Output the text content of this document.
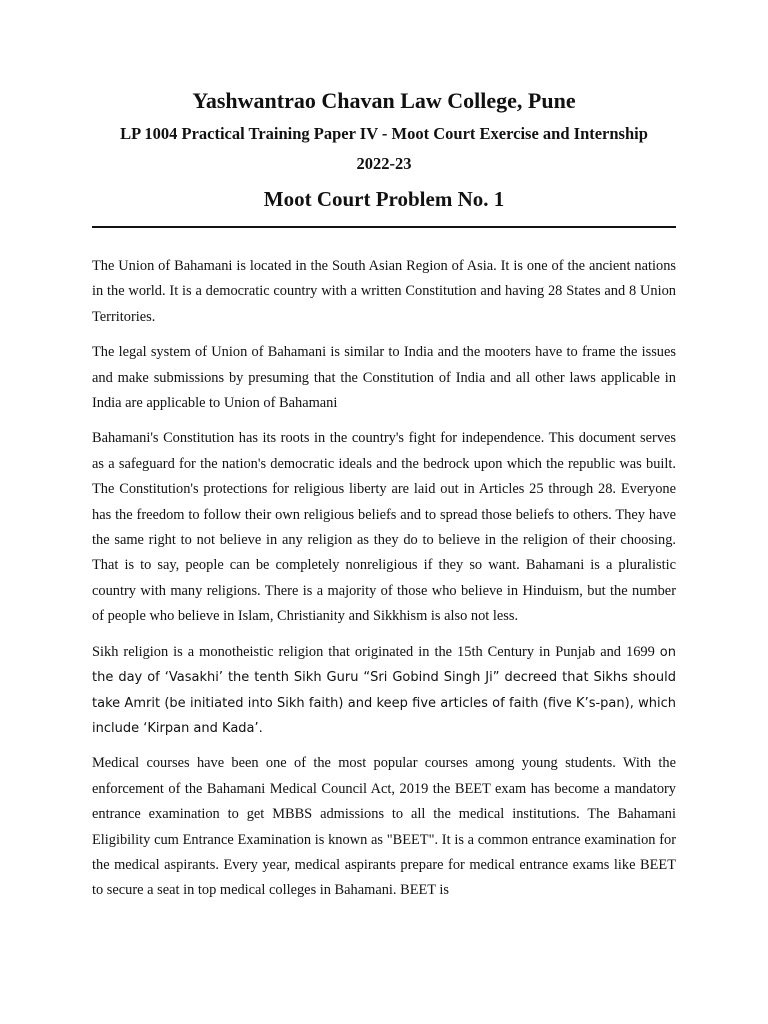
Yashwantrao Chavan Law College, Pune

LP 1004 Practical Training Paper IV - Moot Court Exercise and Internship

2022-23

Moot Court Problem No. 1

The Union of Bahamani is located in the South Asian Region of Asia. It is one of the ancient nations in the world. It is a democratic country with a written Constitution and having 28 States and 8 Union Territories.

The legal system of Union of Bahamani is similar to India and the mooters have to frame the issues and make submissions by presuming that the Constitution of India and all other laws applicable in India are applicable to Union of Bahamani

Bahamani's Constitution has its roots in the country's fight for independence. This document serves as a safeguard for the nation's democratic ideals and the bedrock upon which the republic was built. The Constitution's protections for religious liberty are laid out in Articles 25 through 28. Everyone has the freedom to follow their own religious beliefs and to spread those beliefs to others. They have the same right to not believe in any religion as they do to believe in the religion of their choosing. That is to say, people can be completely nonreligious if they so want. Bahamani is a pluralistic country with many religions. There is a majority of those who believe in Hinduism, but the number of people who believe in Islam, Christianity and Sikkhism is also not less.

Sikh religion is a monotheistic religion that originated in the 15th Century in Punjab and 1699 on the day of ‘Vasakhi’ the tenth Sikh Guru “Sri Gobind Singh Ji” decreed that Sikhs should take Amrit (be initiated into Sikh faith) and keep five articles of faith (five K’s-pan), which include ‘Kirpan and Kada’.

Medical courses have been one of the most popular courses among young students. With the enforcement of the Bahamani Medical Council Act, 2019 the BEET exam has become a mandatory entrance examination to get MBBS admissions to all the medical institutions. The Bahamani Eligibility cum Entrance Examination is known as "BEET". It is a common entrance examination for the medical aspirants. Every year, medical aspirants prepare for medical entrance exams like BEET to secure a seat in top medical colleges in Bahamani. BEET is
